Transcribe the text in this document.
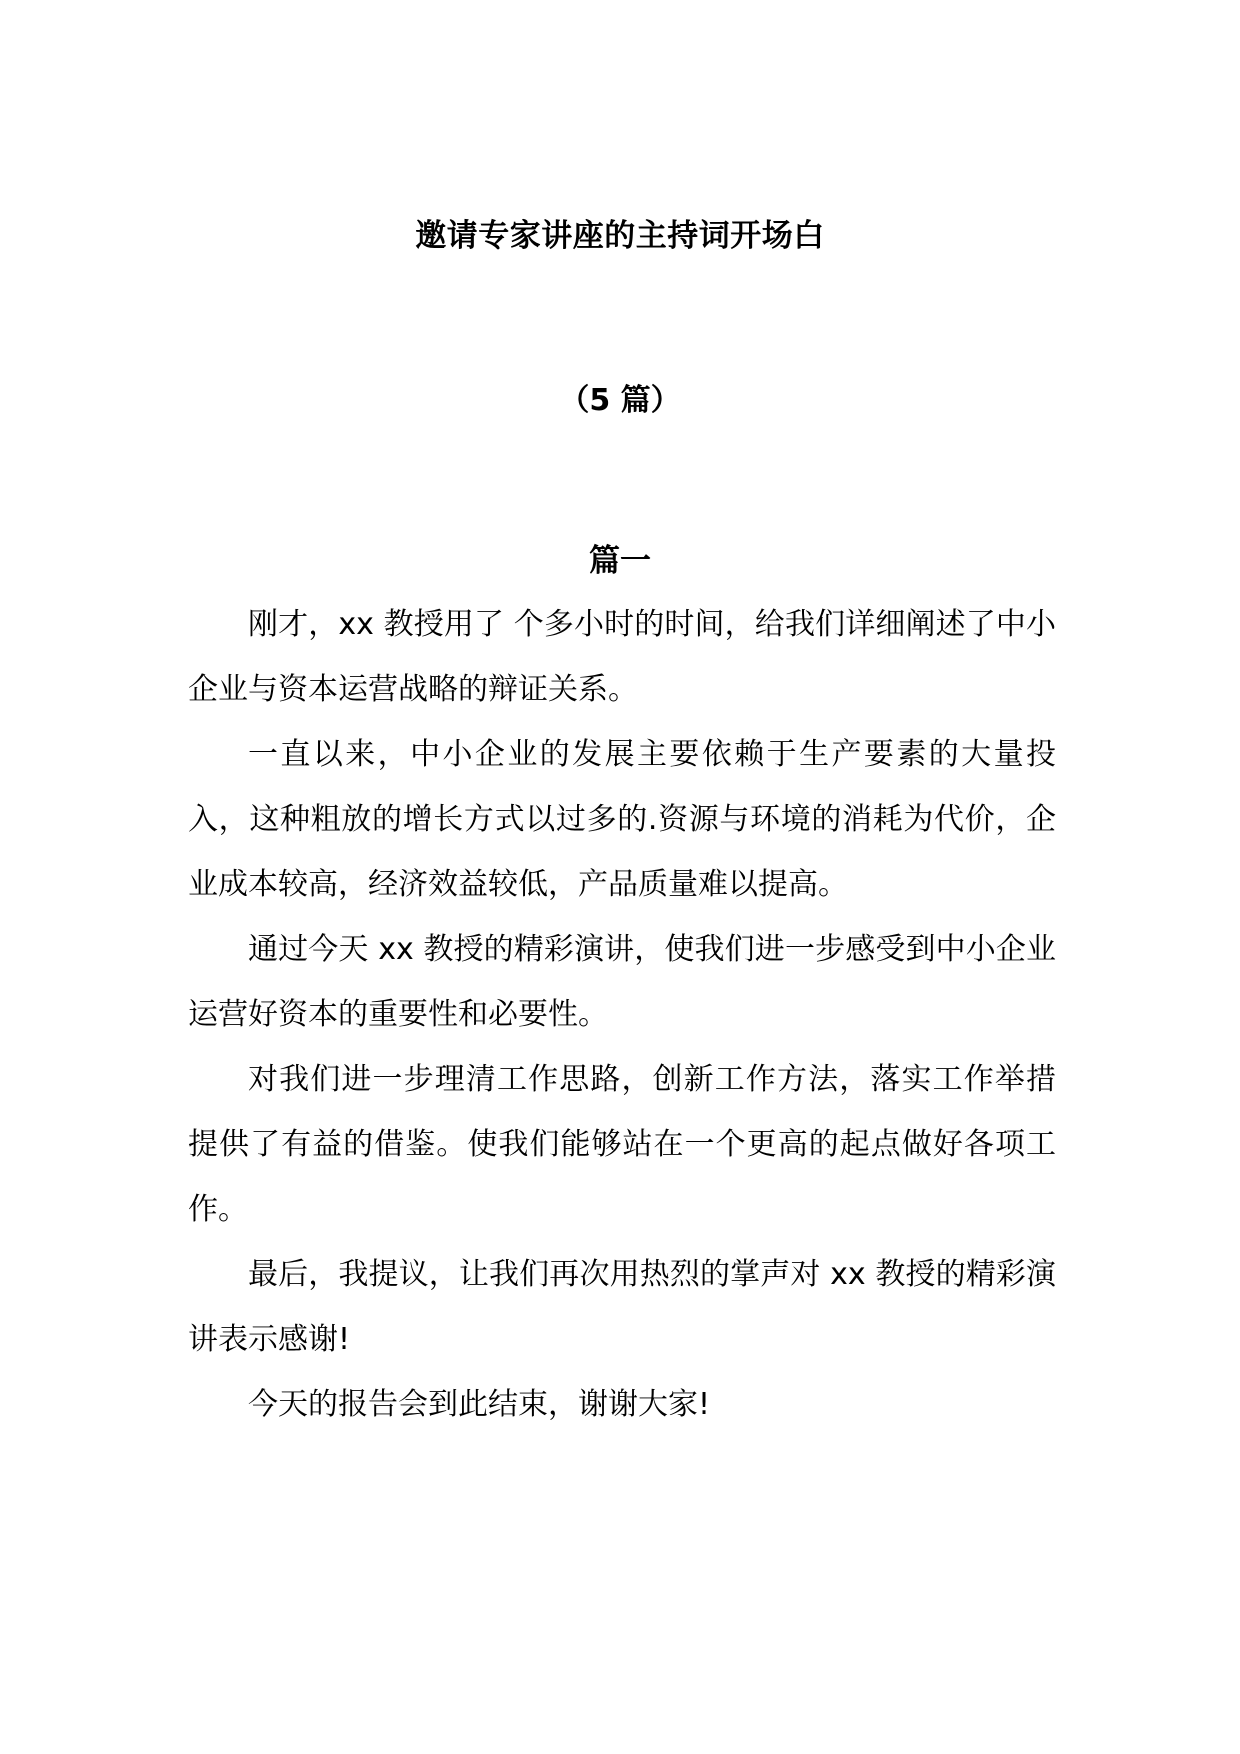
邀请专家讲座的主持词开场白
（5 篇）
篇一

刚才，xx 教授用了 个多小时的时间，给我们详细阐述了中小企业与资本运营战略的辩证关系。

一直以来，中小企业的发展主要依赖于生产要素的大量投入，这种粗放的增长方式以过多的.资源与环境的消耗为代价，企业成本较高，经济效益较低，产品质量难以提高。

通过今天 xx 教授的精彩演讲，使我们进一步感受到中小企业运营好资本的重要性和必要性。

对我们进一步理清工作思路，创新工作方法，落实工作举措提供了有益的借鉴。使我们能够站在一个更高的起点做好各项工作。

最后，我提议，让我们再次用热烈的掌声对 xx 教授的精彩演讲表示感谢!

今天的报告会到此结束，谢谢大家!
